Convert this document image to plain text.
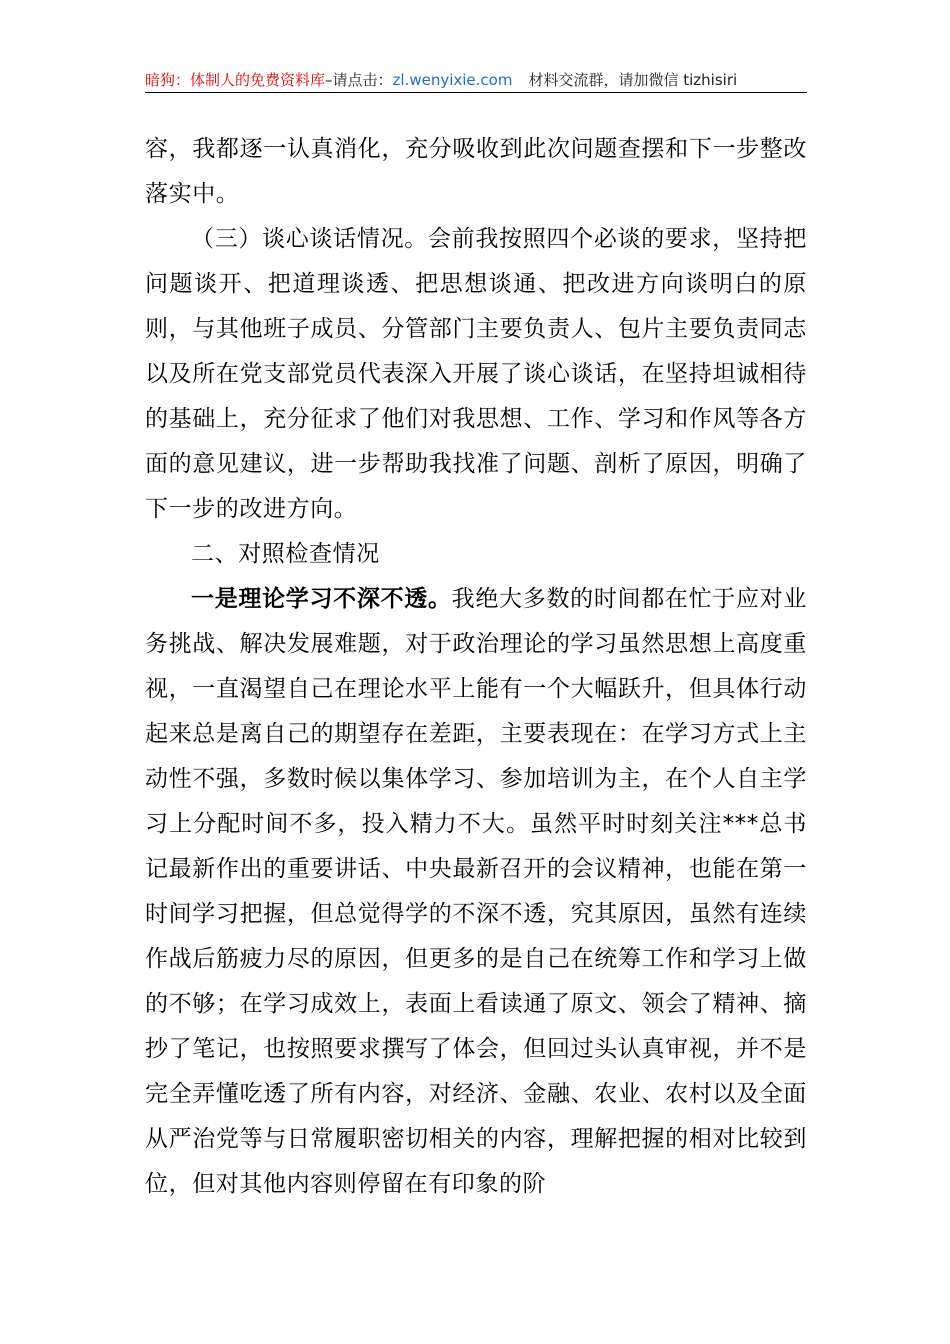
暗狗：体制人的免费资料库–请点击：zl.wenyixie.com 材料交流群，请加微信 tizhisiri

容，我都逐一认真消化，充分吸收到此次问题查摆和下一步整改落实中。

（三）谈心谈话情况。会前我按照四个必谈的要求，坚持把问题谈开、把道理谈透、把思想谈通、把改进方向谈明白的原则，与其他班子成员、分管部门主要负责人、包片主要负责同志以及所在党支部党员代表深入开展了谈心谈话，在坚持坦诚相待的基础上，充分征求了他们对我思想、工作、学习和作风等各方面的意见建议，进一步帮助我找准了问题、剖析了原因，明确了下一步的改进方向。

二、对照检查情况

一是理论学习不深不透。我绝大多数的时间都在忙于应对业务挑战、解决发展难题，对于政治理论的学习虽然思想上高度重视，一直渴望自己在理论水平上能有一个大幅跃升，但具体行动起来总是离自己的期望存在差距，主要表现在：在学习方式上主动性不强，多数时候以集体学习、参加培训为主，在个人自主学习上分配时间不多，投入精力不大。虽然平时时刻关注***总书记最新作出的重要讲话、中央最新召开的会议精神，也能在第一时间学习把握，但总觉得学的不深不透，究其原因，虽然有连续作战后筋疲力尽的原因，但更多的是自己在统筹工作和学习上做的不够；在学习成效上，表面上看读通了原文、领会了精神、摘抄了笔记，也按照要求撰写了体会，但回过头认真审视，并不是完全弄懂吃透了所有内容，对经济、金融、农业、农村以及全面从严治党等与日常履职密切相关的内容，理解把握的相对比较到位，但对其他内容则停留在有印象的阶
